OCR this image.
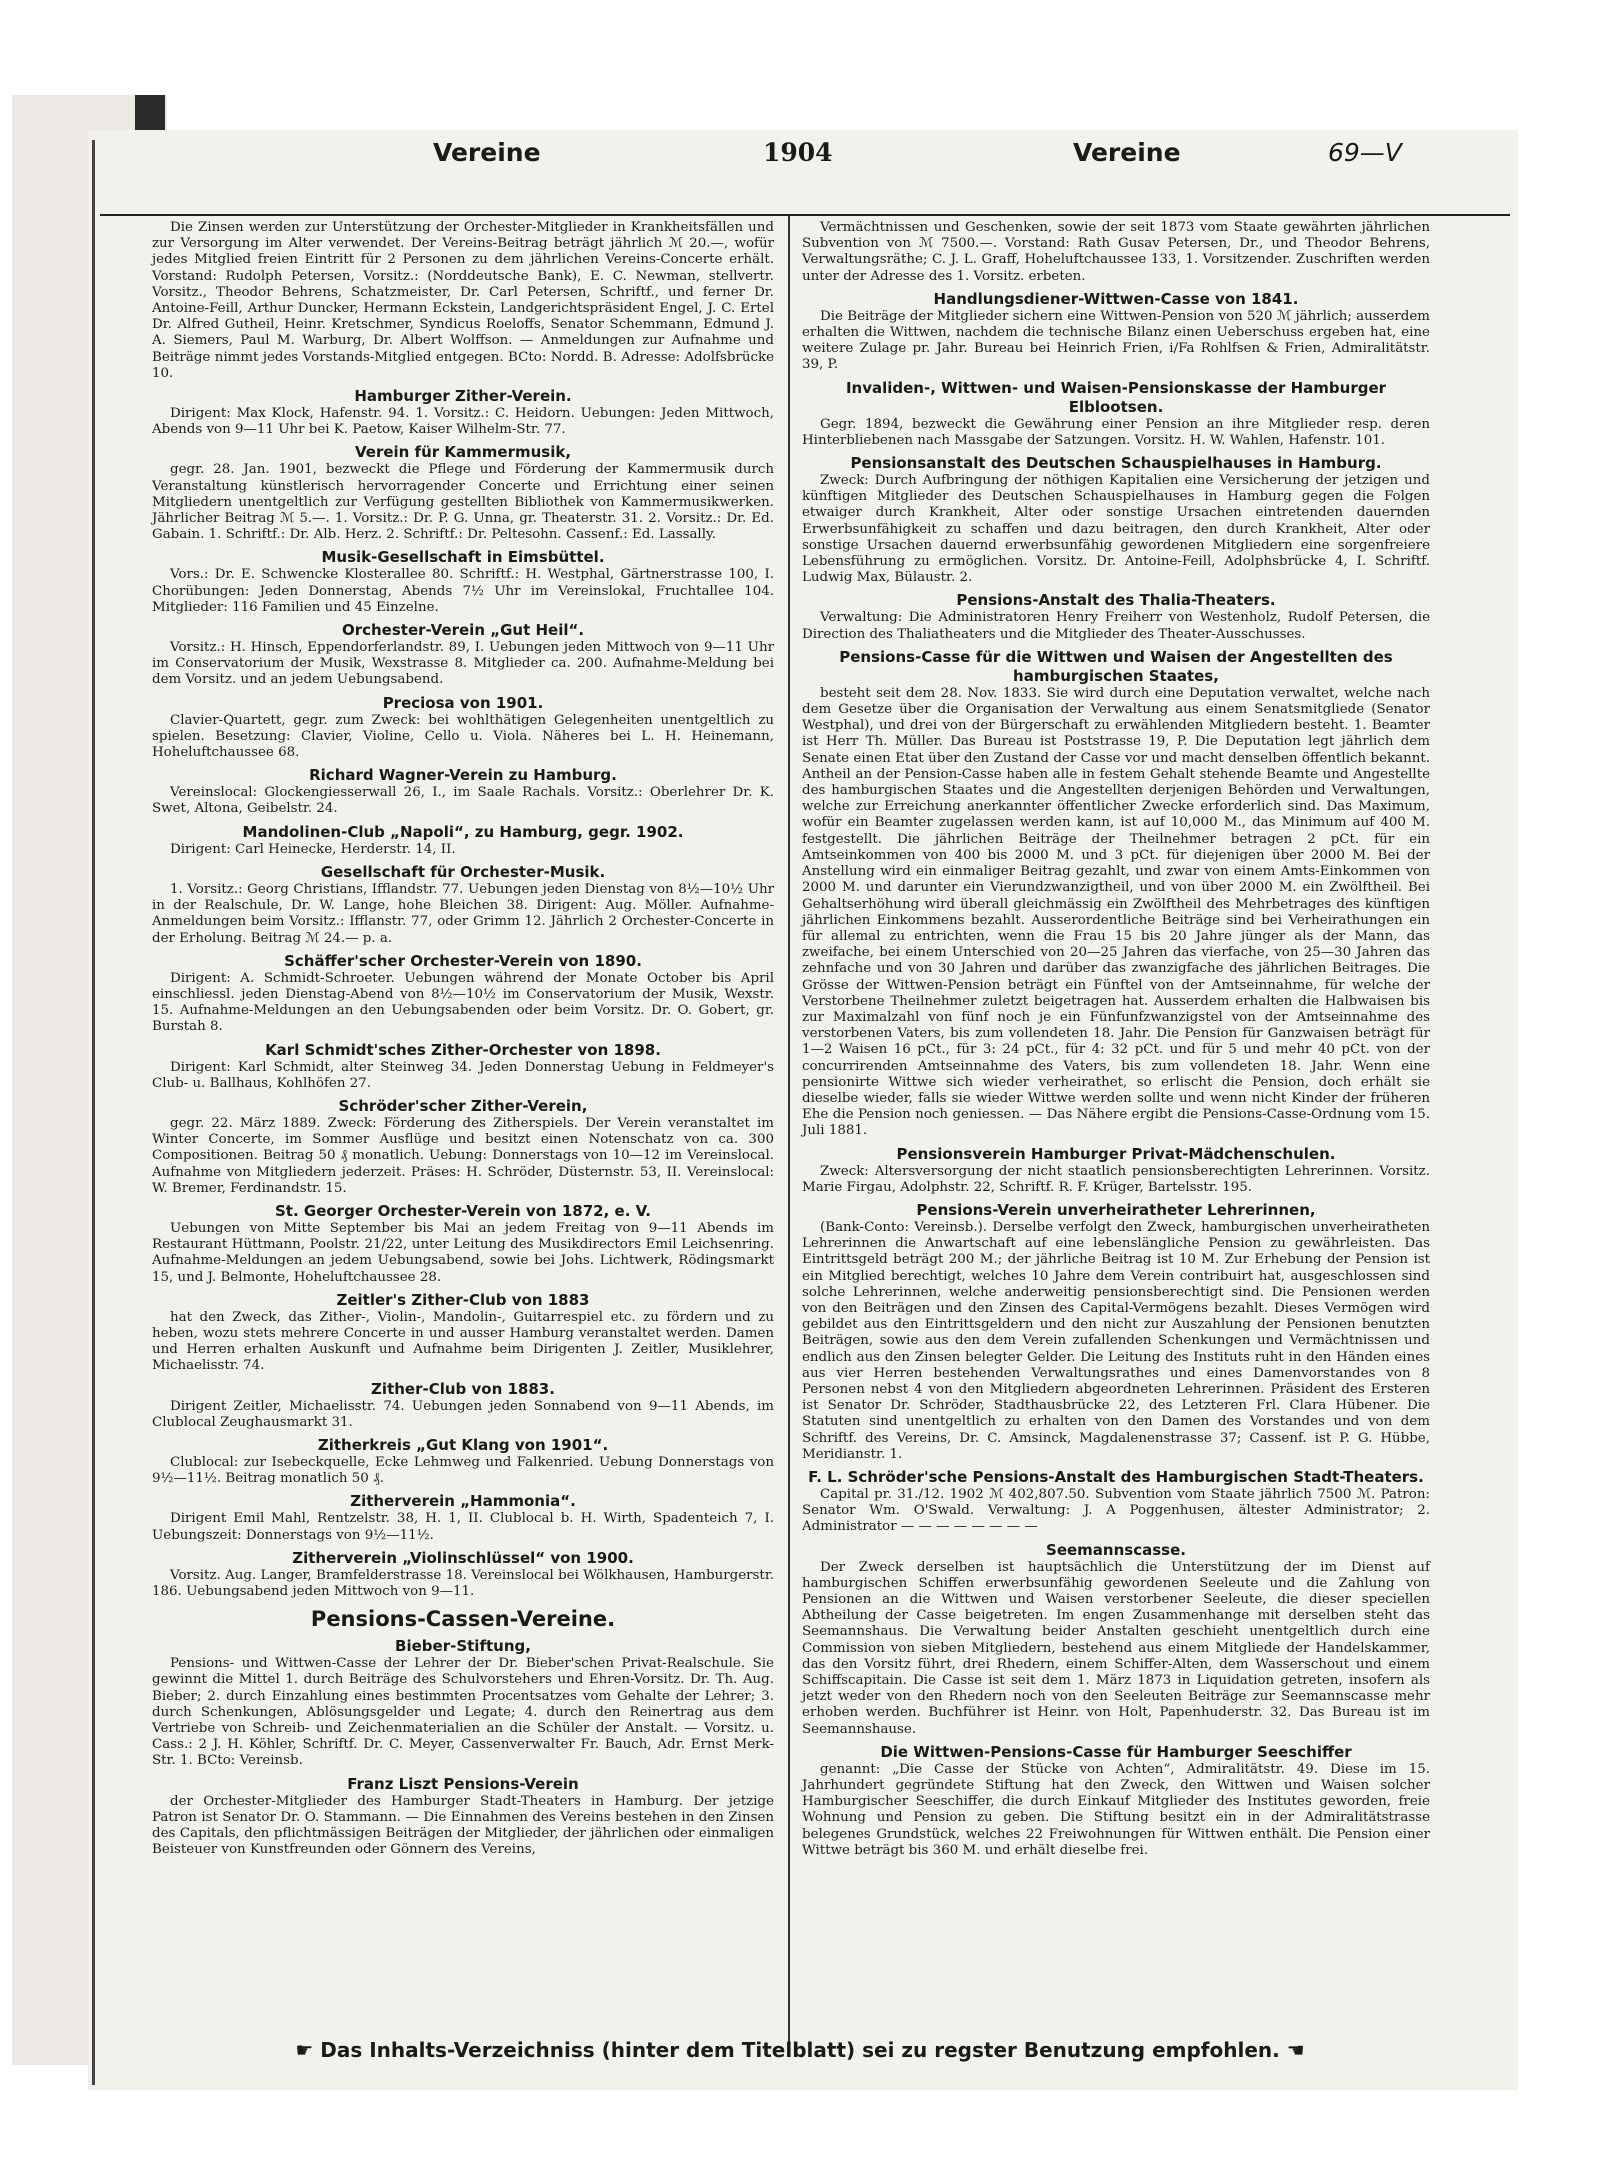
Vereine	1904	Vereine	69—V
Die Zinsen werden zur Unterstützung der Orchester-Mitglieder in Krankheitsfällen und zur Versorgung im Alter verwendet. Der Vereins-Beitrag beträgt jährlich ℳ 20.—, wofür jedes Mitglied freien Eintritt für 2 Personen zu dem jährlichen Vereins-Concerte erhält. Vorstand: Rudolph Petersen, Vorsitz.: (Norddeutsche Bank), E. C. Newman, stellvertr. Vorsitz., Theodor Behrens, Schatzmeister, Dr. Carl Petersen, Schriftf., und ferner Dr. Antoine-Feill, Arthur Duncker, Hermann Eckstein, Landgerichtspräsident Engel, J. C. Ertel Dr. Alfred Gutheil, Heinr. Kretschmer, Syndicus Roeloffs, Senator Schemmann, Edmund J. A. Siemers, Paul M. Warburg, Dr. Albert Wolffson. — Anmeldungen zur Aufnahme und Beiträge nimmt jedes Vorstands-Mitglied entgegen. BCto: Nordd. B. Adresse: Adolfsbrücke 10.
Hamburger Zither-Verein.
Dirigent: Max Klock, Hafenstr. 94. 1. Vorsitz.: C. Heidorn. Uebungen: Jeden Mittwoch, Abends von 9—11 Uhr bei K. Paetow, Kaiser Wilhelm-Str. 77.
Verein für Kammermusik,
gegr. 28. Jan. 1901, bezweckt die Pflege und Förderung der Kammermusik durch Veranstaltung künstlerisch hervorragender Concerte und Errichtung einer seinen Mitgliedern unentgeltlich zur Verfügung gestellten Bibliothek von Kammermusikwerken. Jährlicher Beitrag ℳ 5.—. 1. Vorsitz.: Dr. P. G. Unna, gr. Theaterstr. 31. 2. Vorsitz.: Dr. Ed. Gabain. 1. Schriftf.: Dr. Alb. Herz. 2. Schriftf.: Dr. Peltesohn. Cassenf.: Ed. Lassally.
Musik-Gesellschaft in Eimsbüttel.
Vors.: Dr. E. Schwencke Klosterallee 80. Schriftf.: H. Westphal, Gärtnerstrasse 100, I. Chorübungen: Jeden Donnerstag, Abends 7½ Uhr im Vereinslokal, Fruchtallee 104. Mitglieder: 116 Familien und 45 Einzelne.
Orchester-Verein „Gut Heil“.
Vorsitz.: H. Hinsch, Eppendorferlandstr. 89, I. Uebungen jeden Mittwoch von 9—11 Uhr im Conservatorium der Musik, Wexstrasse 8. Mitglieder ca. 200. Aufnahme-Meldung bei dem Vorsitz. und an jedem Uebungsabend.
Preciosa von 1901.
Clavier-Quartett, gegr. zum Zweck: bei wohlthätigen Gelegenheiten unentgeltlich zu spielen. Besetzung: Clavier, Violine, Cello u. Viola. Näheres bei L. H. Heinemann, Hoheluftchaussee 68.
Richard Wagner-Verein zu Hamburg.
Vereinslocal: Glockengiesserwall 26, I., im Saale Rachals. Vorsitz.: Oberlehrer Dr. K. Swet, Altona, Geibelstr. 24.
Mandolinen-Club „Napoli“, zu Hamburg, gegr. 1902.
Dirigent: Carl Heinecke, Herderstr. 14, II.
Gesellschaft für Orchester-Musik.
1. Vorsitz.: Georg Christians, Ifflandstr. 77. Uebungen jeden Dienstag von 8½—10½ Uhr in der Realschule, Dr. W. Lange, hohe Bleichen 38. Dirigent: Aug. Möller. Aufnahme-Anmeldungen beim Vorsitz.: Ifflanstr. 77, oder Grimm 12. Jährlich 2 Orchester-Concerte in der Erholung. Beitrag ℳ 24.— p. a.
Schäffer'scher Orchester-Verein von 1890.
Dirigent: A. Schmidt-Schroeter. Uebungen während der Monate October bis April einschliessl. jeden Dienstag-Abend von 8½—10½ im Conservatorium der Musik, Wexstr. 15. Aufnahme-Meldungen an den Uebungsabenden oder beim Vorsitz. Dr. O. Gobert, gr. Burstah 8.
Karl Schmidt'sches Zither-Orchester von 1898.
Dirigent: Karl Schmidt, alter Steinweg 34. Jeden Donnerstag Uebung in Feldmeyer's Club- u. Ballhaus, Kohlhöfen 27.
Schröder'scher Zither-Verein,
gegr. 22. März 1889. Zweck: Förderung des Zitherspiels. Der Verein veranstaltet im Winter Concerte, im Sommer Ausflüge und besitzt einen Notenschatz von ca. 300 Compositionen. Beitrag 50 ₰ monatlich. Uebung: Donnerstags von 10—12 im Vereinslocal. Aufnahme von Mitgliedern jederzeit. Präses: H. Schröder, Düsternstr. 53, II. Vereinslocal: W. Bremer, Ferdinandstr. 15.
St. Georger Orchester-Verein von 1872, e. V.
Uebungen von Mitte September bis Mai an jedem Freitag von 9—11 Abends im Restaurant Hüttmann, Poolstr. 21/22, unter Leitung des Musikdirectors Emil Leichsenring. Aufnahme-Meldungen an jedem Uebungsabend, sowie bei Johs. Lichtwerk, Rödingsmarkt 15, und J. Belmonte, Hoheluftchaussee 28.
Zeitler's Zither-Club von 1883
hat den Zweck, das Zither-, Violin-, Mandolin-, Guitarrespiel etc. zu fördern und zu heben, wozu stets mehrere Concerte in und ausser Hamburg veranstaltet werden. Damen und Herren erhalten Auskunft und Aufnahme beim Dirigenten J. Zeitler, Musiklehrer, Michaelisstr. 74.
Zither-Club von 1883.
Dirigent Zeitler, Michaelisstr. 74. Uebungen jeden Sonnabend von 9—11 Abends, im Clublocal Zeughausmarkt 31.
Zitherkreis „Gut Klang von 1901“.
Clublocal: zur Isebeckquelle, Ecke Lehmweg und Falkenried. Uebung Donnerstags von 9½—11½. Beitrag monatlich 50 ₰.
Zitherverein „Hammonia“.
Dirigent Emil Mahl, Rentzelstr. 38, H. 1, II. Clublocal b. H. Wirth, Spadenteich 7, I. Uebungszeit: Donnerstags von 9½—11½.
Zitherverein „Violinschlüssel“ von 1900.
Vorsitz. Aug. Langer, Bramfelderstrasse 18. Vereinslocal bei Wölkhausen, Hamburgerstr. 186. Uebungsabend jeden Mittwoch von 9—11.
Pensions-Cassen-Vereine.
Bieber-Stiftung,
Pensions- und Wittwen-Casse der Lehrer der Dr. Bieber'schen Privat-Realschule. Sie gewinnt die Mittel 1. durch Beiträge des Schulvorstehers und Ehren-Vorsitz. Dr. Th. Aug. Bieber; 2. durch Einzahlung eines bestimmten Procentsatzes vom Gehalte der Lehrer; 3. durch Schenkungen, Ablösungsgelder und Legate; 4. durch den Reinertrag aus dem Vertriebe von Schreib- und Zeichenmaterialien an die Schüler der Anstalt. — Vorsitz. u. Cass.: 2 J. H. Köhler, Schriftf. Dr. C. Meyer, Cassenverwalter Fr. Bauch, Adr. Ernst Merk-Str. 1. BCto: Vereinsb.
Franz Liszt Pensions-Verein
der Orchester-Mitglieder des Hamburger Stadt-Theaters in Hamburg. Der jetzige Patron ist Senator Dr. O. Stammann. — Die Einnahmen des Vereins bestehen in den Zinsen des Capitals, den pflichtmässigen Beiträgen der Mitglieder, der jährlichen oder einmaligen Beisteuer von Kunstfreunden oder Gönnern des Vereins,
Vermächtnissen und Geschenken, sowie der seit 1873 vom Staate gewährten jährlichen Subvention von ℳ 7500.—. Vorstand: Rath Gusav Petersen, Dr., und Theodor Behrens, Verwaltungsräthe; C. J. L. Graff, Hoheluftchaussee 133, 1. Vorsitzender. Zuschriften werden unter der Adresse des 1. Vorsitz. erbeten.
Handlungsdiener-Wittwen-Casse von 1841.
Die Beiträge der Mitglieder sichern eine Wittwen-Pension von 520 ℳ jährlich; ausserdem erhalten die Wittwen, nachdem die technische Bilanz einen Ueberschuss ergeben hat, eine weitere Zulage pr. Jahr. Bureau bei Heinrich Frien, i/Fa Rohlfsen & Frien, Admiralitätstr. 39, P.
Invaliden-, Wittwen- und Waisen-Pensionskasse der Hamburger Elblootsen.
Gegr. 1894, bezweckt die Gewährung einer Pension an ihre Mitglieder resp. deren Hinterbliebenen nach Massgabe der Satzungen. Vorsitz. H. W. Wahlen, Hafenstr. 101.
Pensionsanstalt des Deutschen Schauspielhauses in Hamburg.
Zweck: Durch Aufbringung der nöthigen Kapitalien eine Versicherung der jetzigen und künftigen Mitglieder des Deutschen Schauspielhauses in Hamburg gegen die Folgen etwaiger durch Krankheit, Alter oder sonstige Ursachen eintretenden dauernden Erwerbsunfähigkeit zu schaffen und dazu beitragen, den durch Krankheit, Alter oder sonstige Ursachen dauernd erwerbsunfähig gewordenen Mitgliedern eine sorgenfreiere Lebensführung zu ermöglichen. Vorsitz. Dr. Antoine-Feill, Adolphsbrücke 4, I. Schriftf. Ludwig Max, Bülaustr. 2.
Pensions-Anstalt des Thalia-Theaters.
Verwaltung: Die Administratoren Henry Freiherr von Westenholz, Rudolf Petersen, die Direction des Thaliatheaters und die Mitglieder des Theater-Ausschusses.
Pensions-Casse für die Wittwen und Waisen der Angestellten des hamburgischen Staates,
besteht seit dem 28. Nov. 1833. Sie wird durch eine Deputation verwaltet, welche nach dem Gesetze über die Organisation der Verwaltung aus einem Senatsmitgliede (Senator Westphal), und drei von der Bürgerschaft zu erwählenden Mitgliedern besteht. 1. Beamter ist Herr Th. Müller. Das Bureau ist Poststrasse 19, P. Die Deputation legt jährlich dem Senate einen Etat über den Zustand der Casse vor und macht denselben öffentlich bekannt. Antheil an der Pension-Casse haben alle in festem Gehalt stehende Beamte und Angestellte des hamburgischen Staates und die Angestellten derjenigen Behörden und Verwaltungen, welche zur Erreichung anerkannter öffentlicher Zwecke erforderlich sind. Das Maximum, wofür ein Beamter zugelassen werden kann, ist auf 10,000 M., das Minimum auf 400 M. festgestellt. Die jährlichen Beiträge der Theilnehmer betragen 2 pCt. für ein Amtseinkommen von 400 bis 2000 M. und 3 pCt. für diejenigen über 2000 M. Bei der Anstellung wird ein einmaliger Beitrag gezahlt, und zwar von einem Amts-Einkommen von 2000 M. und darunter ein Vierundzwanzigtheil, und von über 2000 M. ein Zwölftheil. Bei Gehaltserhöhung wird überall gleichmässig ein Zwölftheil des Mehrbetrages des künftigen jährlichen Einkommens bezahlt. Ausserordentliche Beiträge sind bei Verheirathungen ein für allemal zu entrichten, wenn die Frau 15 bis 20 Jahre jünger als der Mann, das zweifache, bei einem Unterschied von 20—25 Jahren das vierfache, von 25—30 Jahren das zehnfache und von 30 Jahren und darüber das zwanzigfache des jährlichen Beitrages. Die Grösse der Wittwen-Pension beträgt ein Fünftel von der Amtseinnahme, für welche der Verstorbene Theilnehmer zuletzt beigetragen hat. Ausserdem erhalten die Halbwaisen bis zur Maximalzahl von fünf noch je ein Fünfunfzwanzigstel von der Amtseinnahme des verstorbenen Vaters, bis zum vollendeten 18. Jahr. Die Pension für Ganzwaisen beträgt für 1—2 Waisen 16 pCt., für 3: 24 pCt., für 4: 32 pCt. und für 5 und mehr 40 pCt. von der concurrirenden Amtseinnahme des Vaters, bis zum vollendeten 18. Jahr. Wenn eine pensionirte Wittwe sich wieder verheirathet, so erlischt die Pension, doch erhält sie dieselbe wieder, falls sie wieder Wittwe werden sollte und wenn nicht Kinder der früheren Ehe die Pension noch geniessen. — Das Nähere ergibt die Pensions-Casse-Ordnung vom 15. Juli 1881.
Pensionsverein Hamburger Privat-Mädchenschulen.
Zweck: Altersversorgung der nicht staatlich pensionsberechtigten Lehrerinnen. Vorsitz. Marie Firgau, Adolphstr. 22, Schriftf. R. F. Krüger, Bartelsstr. 195.
Pensions-Verein unverheiratheter Lehrerinnen,
(Bank-Conto: Vereinsb.). Derselbe verfolgt den Zweck, hamburgischen unverheiratheten Lehrerinnen die Anwartschaft auf eine lebenslängliche Pension zu gewährleisten. Das Eintrittsgeld beträgt 200 M.; der jährliche Beitrag ist 10 M. Zur Erhebung der Pension ist ein Mitglied berechtigt, welches 10 Jahre dem Verein contribuirt hat, ausgeschlossen sind solche Lehrerinnen, welche anderweitig pensionsberechtigt sind. Die Pensionen werden von den Beiträgen und den Zinsen des Capital-Vermögens bezahlt. Dieses Vermögen wird gebildet aus den Eintrittsgeldern und den nicht zur Auszahlung der Pensionen benutzten Beiträgen, sowie aus den dem Verein zufallenden Schenkungen und Vermächtnissen und endlich aus den Zinsen belegter Gelder. Die Leitung des Instituts ruht in den Händen eines aus vier Herren bestehenden Verwaltungsrathes und eines Damenvorstandes von 8 Personen nebst 4 von den Mitgliedern abgeordneten Lehrerinnen. Präsident des Ersteren ist Senator Dr. Schröder, Stadthausbrücke 22, des Letzteren Frl. Clara Hübener. Die Statuten sind unentgeltlich zu erhalten von den Damen des Vorstandes und von dem Schriftf. des Vereins, Dr. C. Amsinck, Magdalenenstrasse 37; Cassenf. ist P. G. Hübbe, Meridianstr. 1.
F. L. Schröder'sche Pensions-Anstalt des Hamburgischen Stadt-Theaters.
Capital pr. 31./12. 1902 ℳ 402,807.50. Subvention vom Staate jährlich 7500 ℳ. Patron: Senator Wm. O'Swald. Verwaltung: J. A Poggenhusen, ältester Administrator; 2. Administrator — — — — — — — —
Seemannscasse.
Der Zweck derselben ist hauptsächlich die Unterstützung der im Dienst auf hamburgischen Schiffen erwerbsunfähig gewordenen Seeleute und die Zahlung von Pensionen an die Wittwen und Waisen verstorbener Seeleute, die dieser speciellen Abtheilung der Casse beigetreten. Im engen Zusammenhange mit derselben steht das Seemannshaus. Die Verwaltung beider Anstalten geschieht unentgeltlich durch eine Commission von sieben Mitgliedern, bestehend aus einem Mitgliede der Handelskammer, das den Vorsitz führt, drei Rhedern, einem Schiffer-Alten, dem Wasserschout und einem Schiffscapitain. Die Casse ist seit dem 1. März 1873 in Liquidation getreten, insofern als jetzt weder von den Rhedern noch von den Seeleuten Beiträge zur Seemannscasse mehr erhoben werden. Buchführer ist Heinr. von Holt, Papenhuderstr. 32. Das Bureau ist im Seemannshause.
Die Wittwen-Pensions-Casse für Hamburger Seeschiffer
genannt: „Die Casse der Stücke von Achten“, Admiralitätstr. 49. Diese im 15. Jahrhundert gegründete Stiftung hat den Zweck, den Wittwen und Waisen solcher Hamburgischer Seeschiffer, die durch Einkauf Mitglieder des Institutes geworden, freie Wohnung und Pension zu geben. Die Stiftung besitzt ein in der Admiralitätstrasse belegenes Grundstück, welches 22 Freiwohnungen für Wittwen enthält. Die Pension einer Wittwe beträgt bis 360 M. und erhält dieselbe frei.
☛ Das Inhalts-Verzeichniss (hinter dem Titelblatt) sei zu regster Benutzung empfohlen. ☚
